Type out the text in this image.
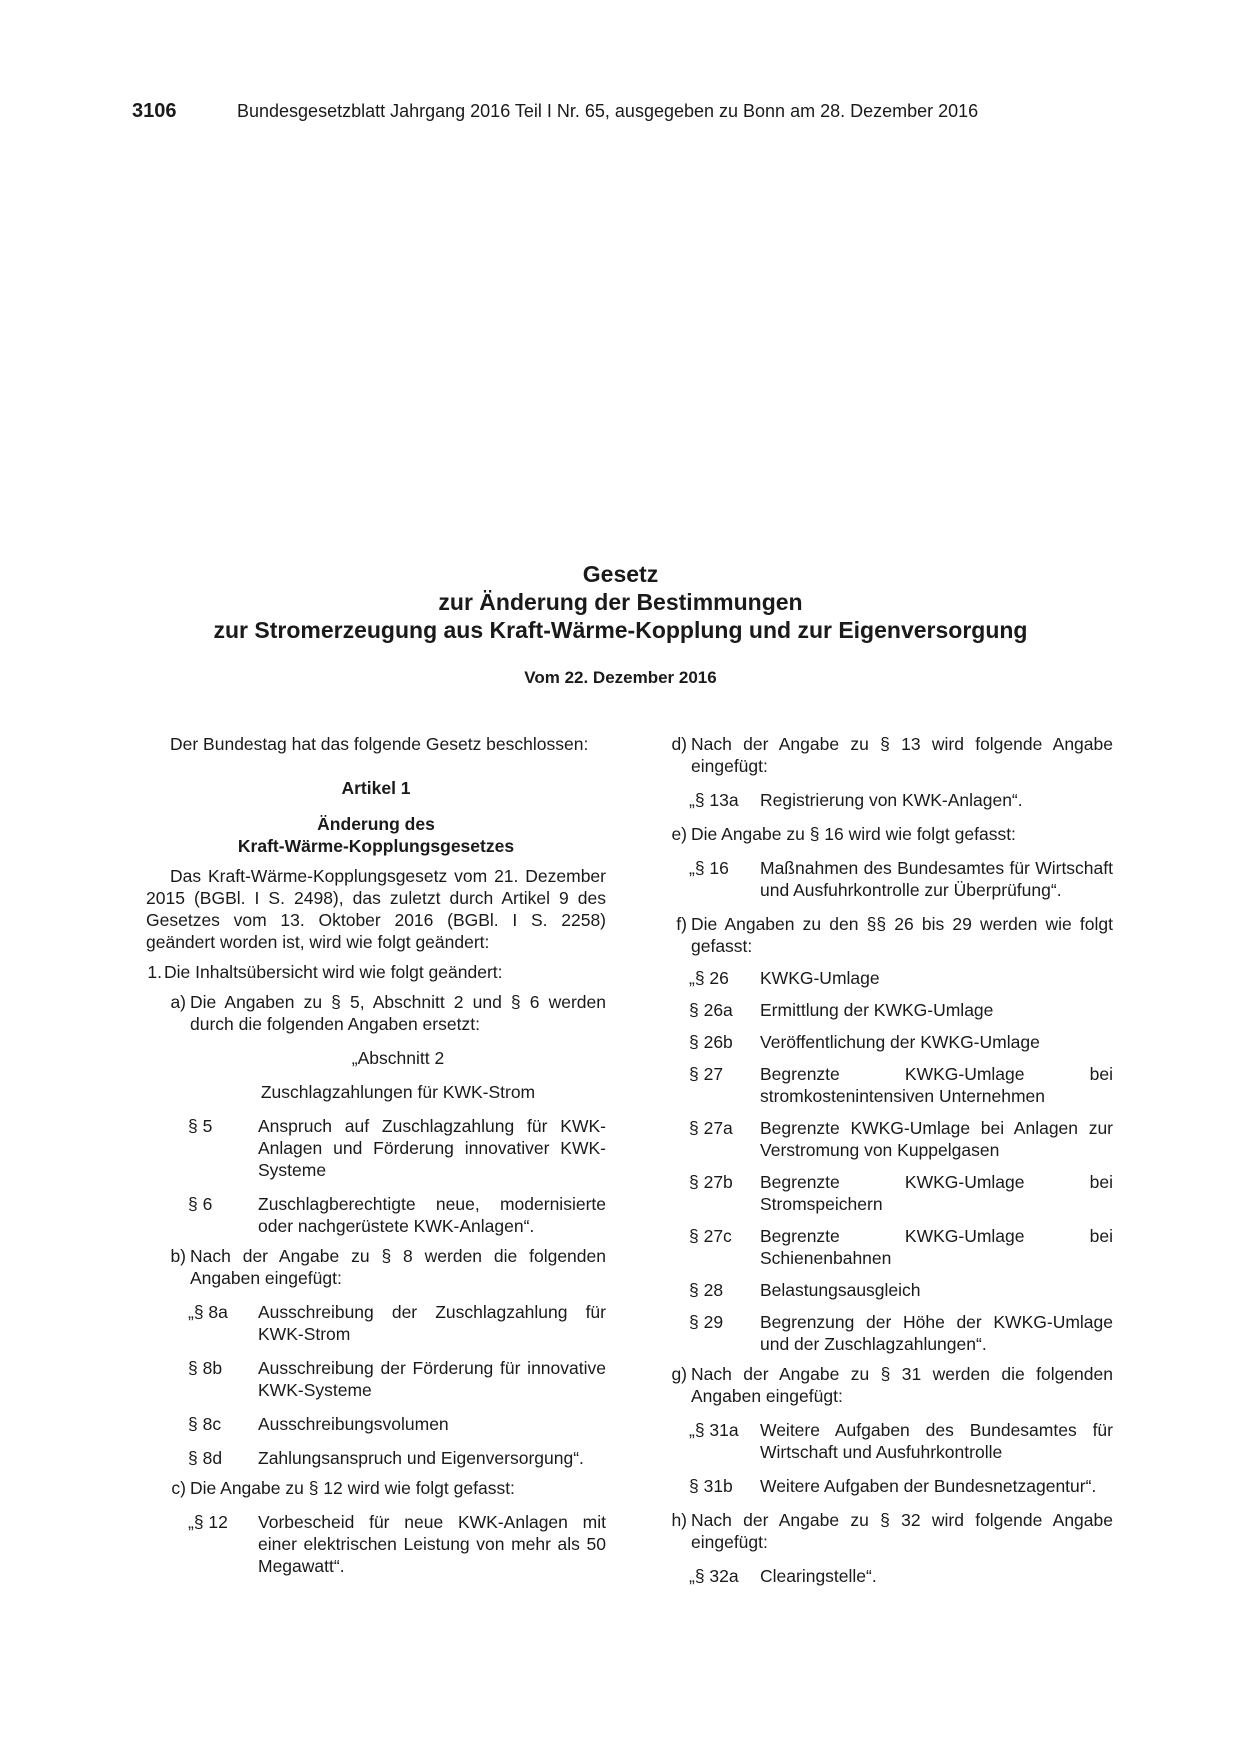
3106	Bundesgesetzblatt Jahrgang 2016 Teil I Nr. 65, ausgegeben zu Bonn am 28. Dezember 2016
Gesetz
zur Änderung der Bestimmungen
zur Stromerzeugung aus Kraft-Wärme-Kopplung und zur Eigenversorgung
Vom 22. Dezember 2016

Der Bundestag hat das folgende Gesetz beschlossen:

Artikel 1

Änderung des

Kraft-Wärme-Kopplungsgesetzes

Das Kraft-Wärme-Kopplungsgesetz vom 21. Dezember 2015 (BGBl. I S. 2498), das zuletzt durch Artikel 9 des Gesetzes vom 13. Oktober 2016 (BGBl. I S. 2258) geändert worden ist, wird wie folgt geändert:

1. Die Inhaltsübersicht wird wie folgt geändert:

a) Die Angaben zu § 5, Abschnitt 2 und § 6 werden durch die folgenden Angaben ersetzt:

„Abschnitt 2

Zuschlagzahlungen für KWK-Strom

§ 5	Anspruch auf Zuschlagzahlung für KWK-Anlagen und Förderung innovativer KWK-Systeme

§ 6	Zuschlagberechtigte neue, modernisierte oder nachgerüstete KWK-Anlagen“.

b) Nach der Angabe zu § 8 werden die folgenden Angaben eingefügt:

„§ 8a Ausschreibung der Zuschlagzahlung für KWK-Strom

§ 8b Ausschreibung der Förderung für innovative KWK-Systeme

§ 8c Ausschreibungsvolumen

§ 8d Zahlungsanspruch und Eigenversorgung“.

c) Die Angabe zu § 12 wird wie folgt gefasst:

„§ 12 Vorbescheid für neue KWK-Anlagen mit einer elektrischen Leistung von mehr als 50 Megawatt“.

d) Nach der Angabe zu § 13 wird folgende Angabe eingefügt:

„§ 13a Registrierung von KWK-Anlagen“.

e) Die Angabe zu § 16 wird wie folgt gefasst:

„§ 16 Maßnahmen des Bundesamtes für Wirtschaft und Ausfuhrkontrolle zur Überprüfung“.

f) Die Angaben zu den §§ 26 bis 29 werden wie folgt gefasst:

„§ 26 KWKG-Umlage

§ 26a Ermittlung der KWKG-Umlage

§ 26b Veröffentlichung der KWKG-Umlage

§ 27 Begrenzte KWKG-Umlage bei stromkostenintensiven Unternehmen

§ 27a Begrenzte KWKG-Umlage bei Anlagen zur Verstromung von Kuppelgasen

§ 27b Begrenzte KWKG-Umlage bei Stromspeichern

§ 27c Begrenzte KWKG-Umlage bei Schienenbahnen

§ 28 Belastungsausgleich

§ 29 Begrenzung der Höhe der KWKG-Umlage und der Zuschlagzahlungen“.

g) Nach der Angabe zu § 31 werden die folgenden Angaben eingefügt:

„§ 31a Weitere Aufgaben des Bundesamtes für Wirtschaft und Ausfuhrkontrolle

§ 31b Weitere Aufgaben der Bundesnetzagentur“.

h) Nach der Angabe zu § 32 wird folgende Angabe eingefügt:

„§ 32a Clearingstelle“.
